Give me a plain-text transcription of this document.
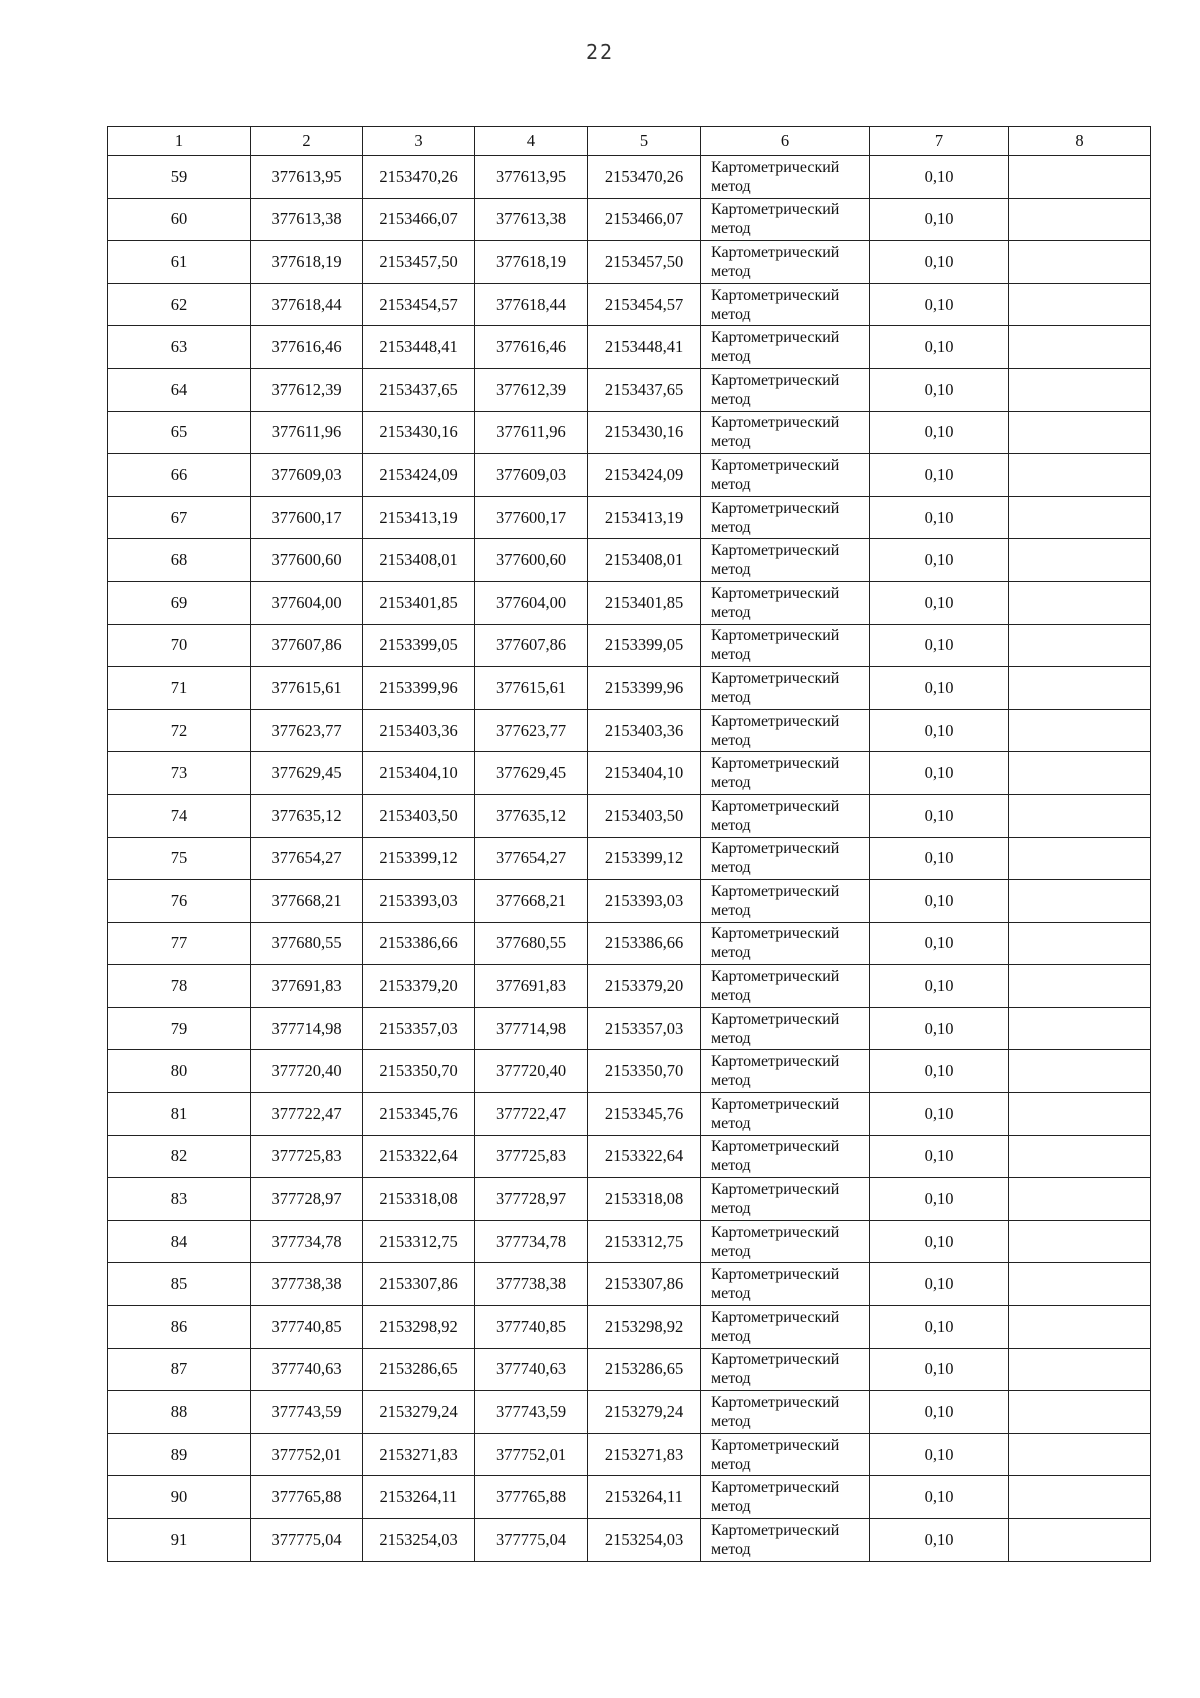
22
1	2	3	4	5	6	7	8
59	377613,95	2153470,26	377613,95	2153470,26	Картометрический метод	0,10	
60	377613,38	2153466,07	377613,38	2153466,07	Картометрический метод	0,10	
61	377618,19	2153457,50	377618,19	2153457,50	Картометрический метод	0,10	
62	377618,44	2153454,57	377618,44	2153454,57	Картометрический метод	0,10	
63	377616,46	2153448,41	377616,46	2153448,41	Картометрический метод	0,10	
64	377612,39	2153437,65	377612,39	2153437,65	Картометрический метод	0,10	
65	377611,96	2153430,16	377611,96	2153430,16	Картометрический метод	0,10	
66	377609,03	2153424,09	377609,03	2153424,09	Картометрический метод	0,10	
67	377600,17	2153413,19	377600,17	2153413,19	Картометрический метод	0,10	
68	377600,60	2153408,01	377600,60	2153408,01	Картометрический метод	0,10	
69	377604,00	2153401,85	377604,00	2153401,85	Картометрический метод	0,10	
70	377607,86	2153399,05	377607,86	2153399,05	Картометрический метод	0,10	
71	377615,61	2153399,96	377615,61	2153399,96	Картометрический метод	0,10	
72	377623,77	2153403,36	377623,77	2153403,36	Картометрический метод	0,10	
73	377629,45	2153404,10	377629,45	2153404,10	Картометрический метод	0,10	
74	377635,12	2153403,50	377635,12	2153403,50	Картометрический метод	0,10	
75	377654,27	2153399,12	377654,27	2153399,12	Картометрический метод	0,10	
76	377668,21	2153393,03	377668,21	2153393,03	Картометрический метод	0,10	
77	377680,55	2153386,66	377680,55	2153386,66	Картометрический метод	0,10	
78	377691,83	2153379,20	377691,83	2153379,20	Картометрический метод	0,10	
79	377714,98	2153357,03	377714,98	2153357,03	Картометрический метод	0,10	
80	377720,40	2153350,70	377720,40	2153350,70	Картометрический метод	0,10	
81	377722,47	2153345,76	377722,47	2153345,76	Картометрический метод	0,10	
82	377725,83	2153322,64	377725,83	2153322,64	Картометрический метод	0,10	
83	377728,97	2153318,08	377728,97	2153318,08	Картометрический метод	0,10	
84	377734,78	2153312,75	377734,78	2153312,75	Картометрический метод	0,10	
85	377738,38	2153307,86	377738,38	2153307,86	Картометрический метод	0,10	
86	377740,85	2153298,92	377740,85	2153298,92	Картометрический метод	0,10	
87	377740,63	2153286,65	377740,63	2153286,65	Картометрический метод	0,10	
88	377743,59	2153279,24	377743,59	2153279,24	Картометрический метод	0,10	
89	377752,01	2153271,83	377752,01	2153271,83	Картометрический метод	0,10	
90	377765,88	2153264,11	377765,88	2153264,11	Картометрический метод	0,10	
91	377775,04	2153254,03	377775,04	2153254,03	Картометрический метод	0,10	
